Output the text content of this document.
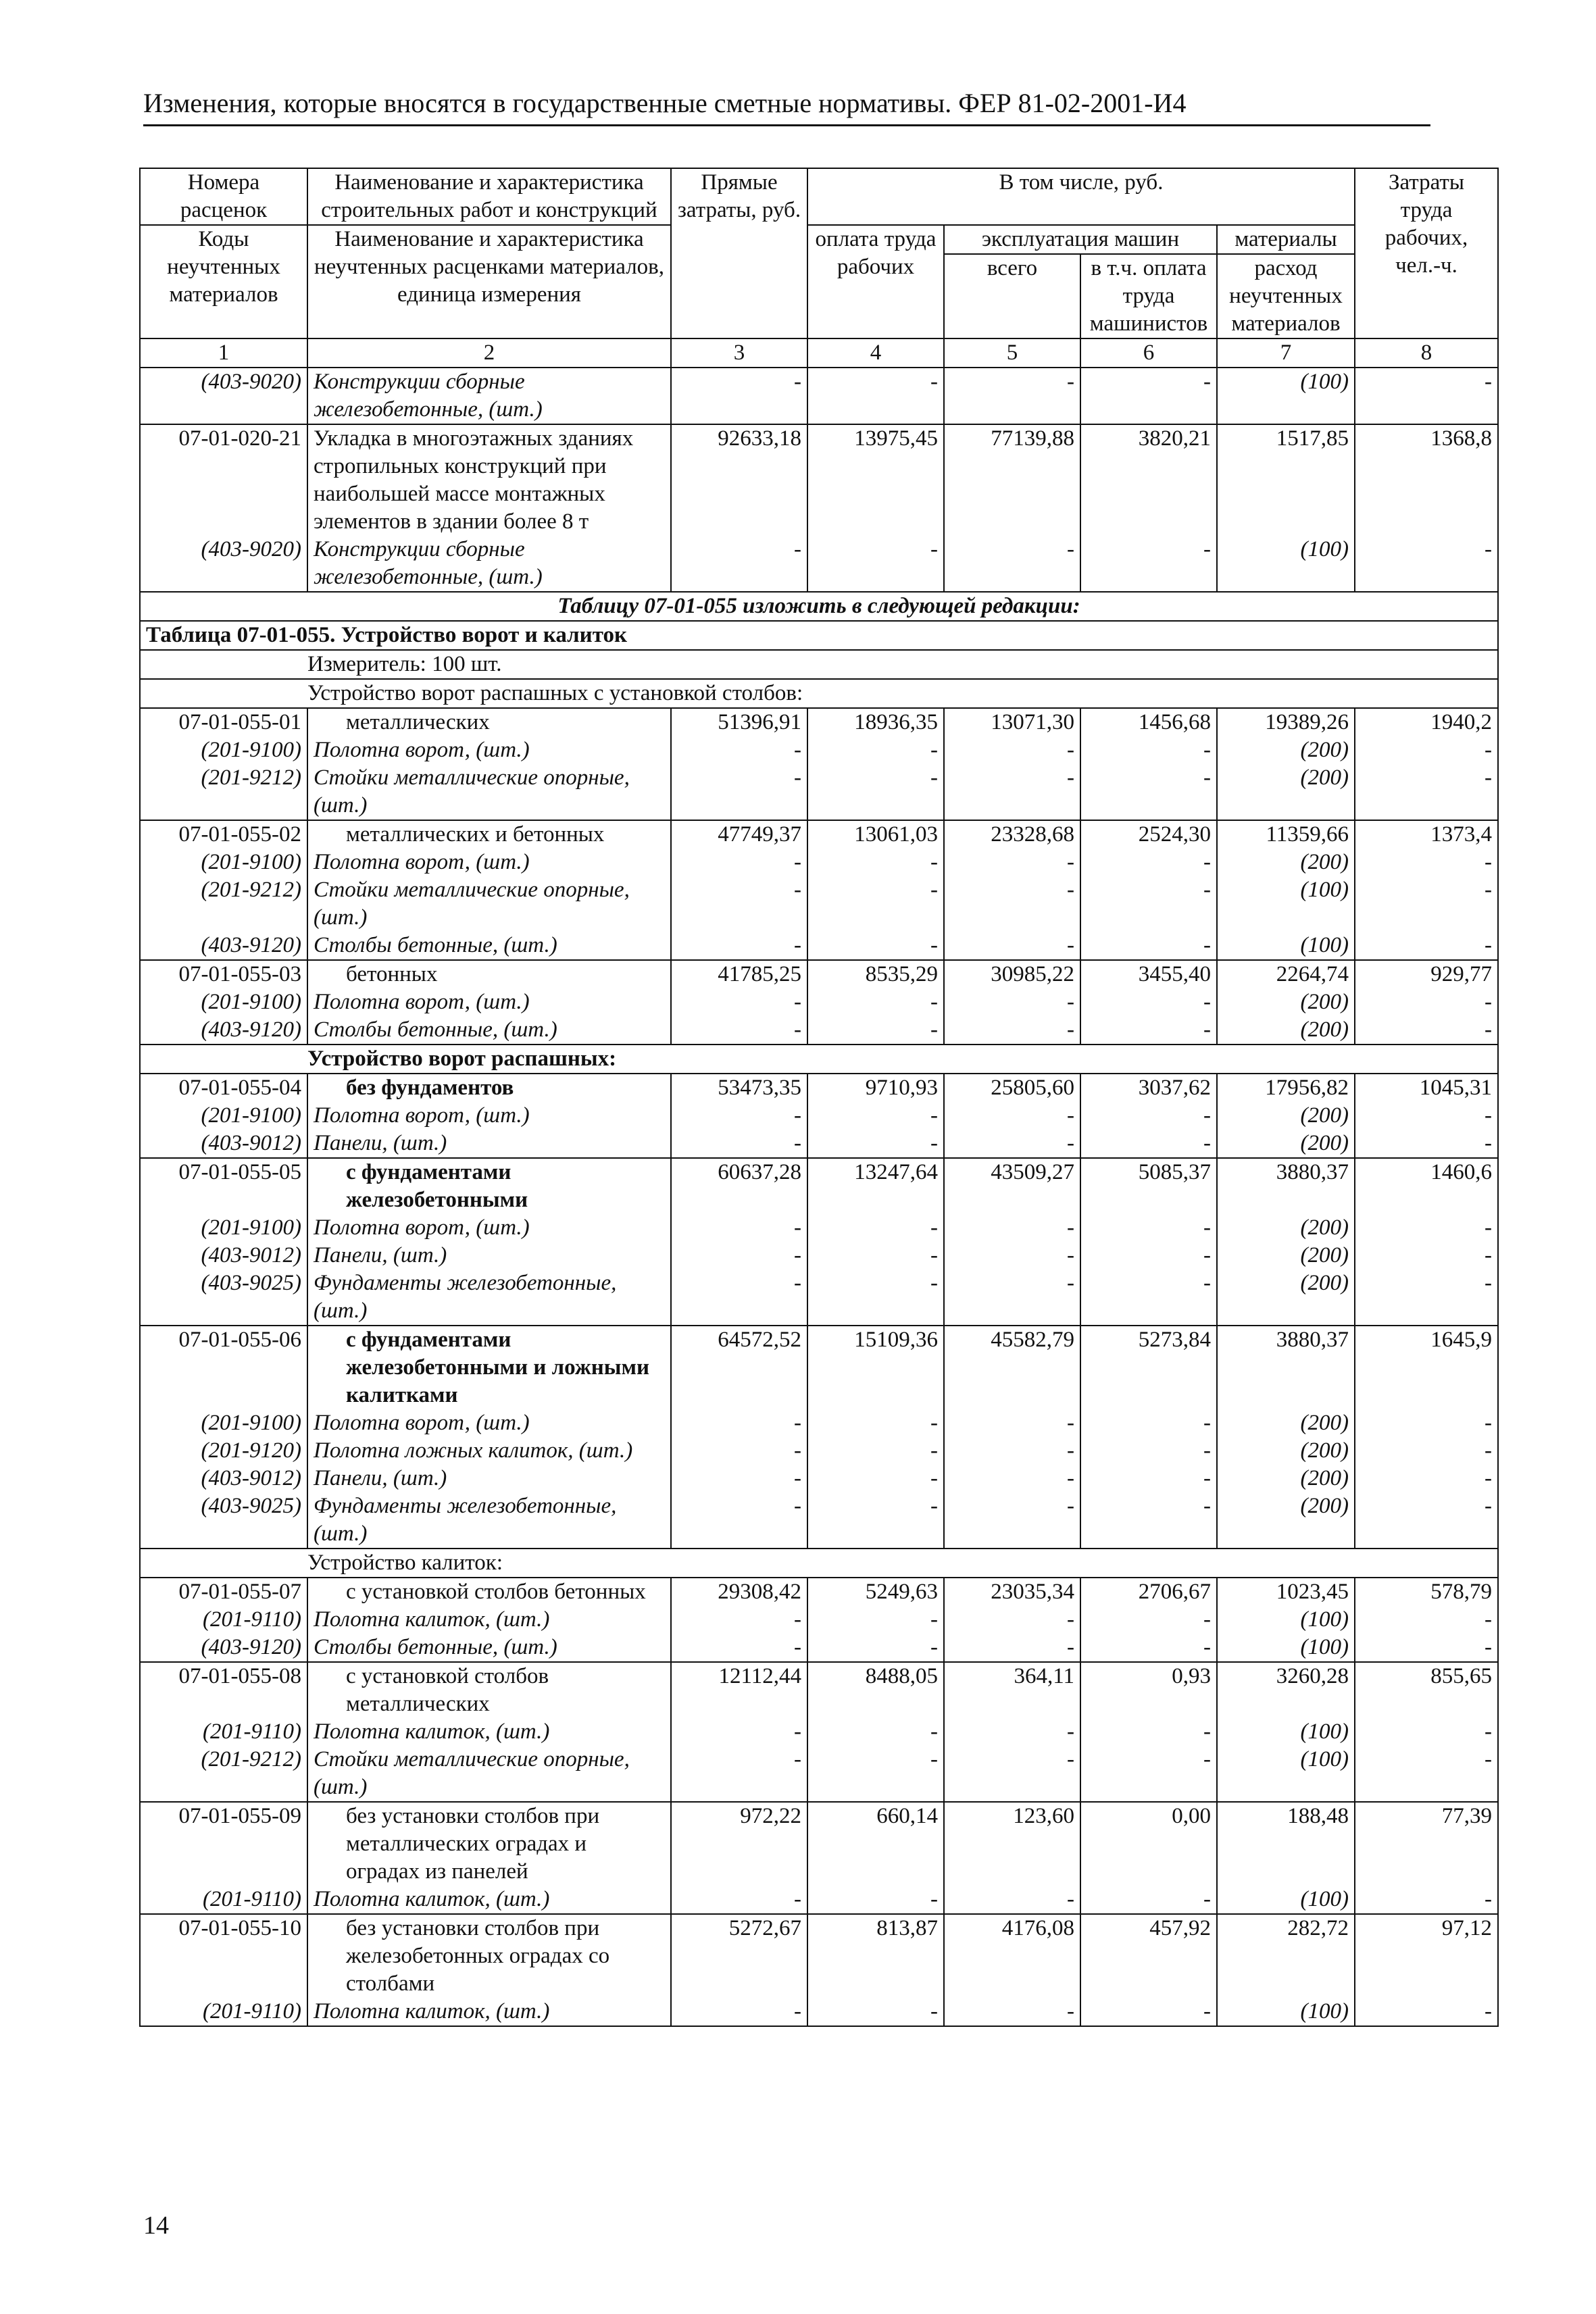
Изменения, которые вносятся в государственные сметные нормативы. ФЕР 81-02-2001-И4
Номера расценок	Наименование и характеристика строительных работ и конструкций	Прямые затраты, руб.	В том числе, руб.				Затраты труда рабочих, чел.-ч.
Коды неучтенных материалов	Наименование и характеристика неучтенных расценками материалов, единица измерения		оплата труда рабочих	эксплуатация машин		материалы	
				всего	в т.ч. оплата труда машинистов	расход неучтенных материалов	

1	2	3	4	5	6	7	8
(403-9020)	Конструкции сборные железобетонные, (шт.)	-	-	-	-	(100)	-
07-01-020-21	Укладка в многоэтажных зданиях стропильных конструкций при наибольшей массе монтажных элементов в здании более 8 т	92633,18	13975,45	77139,88	3820,21	1517,85	1368,8
(403-9020)	Конструкции сборные железобетонные, (шт.)	-	-	-	-	(100)	-
Таблицу 07-01-055 изложить в следующей редакции:							
Таблица 07-01-055. Устройство ворот и калиток							
	Измеритель: 100 шт.						
	Устройство ворот распашных с установкой столбов:						
07-01-055-01	металлических	51396,91	18936,35	13071,30	1456,68	19389,26	1940,2
(201-9100)	Полотна ворот, (шт.)	-	-	-	-	(200)	-
(201-9212)	Стойки металлические опорные, (шт.)	-	-	-	-	(200)	-
07-01-055-02	металлических и бетонных	47749,37	13061,03	23328,68	2524,30	11359,66	1373,4
(201-9100)	Полотна ворот, (шт.)	-	-	-	-	(200)	-
(201-9212)	Стойки металлические опорные, (шт.)	-	-	-	-	(100)	-
(403-9120)	Столбы бетонные, (шт.)	-	-	-	-	(100)	-
07-01-055-03	бетонных	41785,25	8535,29	30985,22	3455,40	2264,74	929,77
(201-9100)	Полотна ворот, (шт.)	-	-	-	-	(200)	-
(403-9120)	Столбы бетонные, (шт.)	-	-	-	-	(200)	-
	Устройство ворот распашных:						
07-01-055-04	без фундаментов	53473,35	9710,93	25805,60	3037,62	17956,82	1045,31
(201-9100)	Полотна ворот, (шт.)	-	-	-	-	(200)	-
(403-9012)	Панели, (шт.)	-	-	-	-	(200)	-
07-01-055-05	с фундаментами железобетонными	60637,28	13247,64	43509,27	5085,37	3880,37	1460,6
(201-9100)	Полотна ворот, (шт.)	-	-	-	-	(200)	-
(403-9012)	Панели, (шт.)	-	-	-	-	(200)	-
(403-9025)	Фундаменты железобетонные, (шт.)	-	-	-	-	(200)	-
07-01-055-06	с фундаментами железобетонными и ложными калитками	64572,52	15109,36	45582,79	5273,84	3880,37	1645,9
(201-9100)	Полотна ворот, (шт.)	-	-	-	-	(200)	-
(201-9120)	Полотна ложных калиток, (шт.)	-	-	-	-	(200)	-
(403-9012)	Панели, (шт.)	-	-	-	-	(200)	-
(403-9025)	Фундаменты железобетонные, (шт.)	-	-	-	-	(200)	-
	Устройство калиток:						
07-01-055-07	с установкой столбов бетонных	29308,42	5249,63	23035,34	2706,67	1023,45	578,79
(201-9110)	Полотна калиток, (шт.)	-	-	-	-	(100)	-
(403-9120)	Столбы бетонные, (шт.)	-	-	-	-	(100)	-
07-01-055-08	с установкой столбов металлических	12112,44	8488,05	364,11	0,93	3260,28	855,65
(201-9110)	Полотна калиток, (шт.)	-	-	-	-	(100)	-
(201-9212)	Стойки металлические опорные, (шт.)	-	-	-	-	(100)	-
07-01-055-09	без установки столбов при металлических оградах и оградах из панелей	972,22	660,14	123,60	0,00	188,48	77,39
(201-9110)	Полотна калиток, (шт.)	-	-	-	-	(100)	-
07-01-055-10	без установки столбов при железобетонных оградах со столбами	5272,67	813,87	4176,08	457,92	282,72	97,12
(201-9110)	Полотна калиток, (шт.)	-	-	-	-	(100)	-
14
